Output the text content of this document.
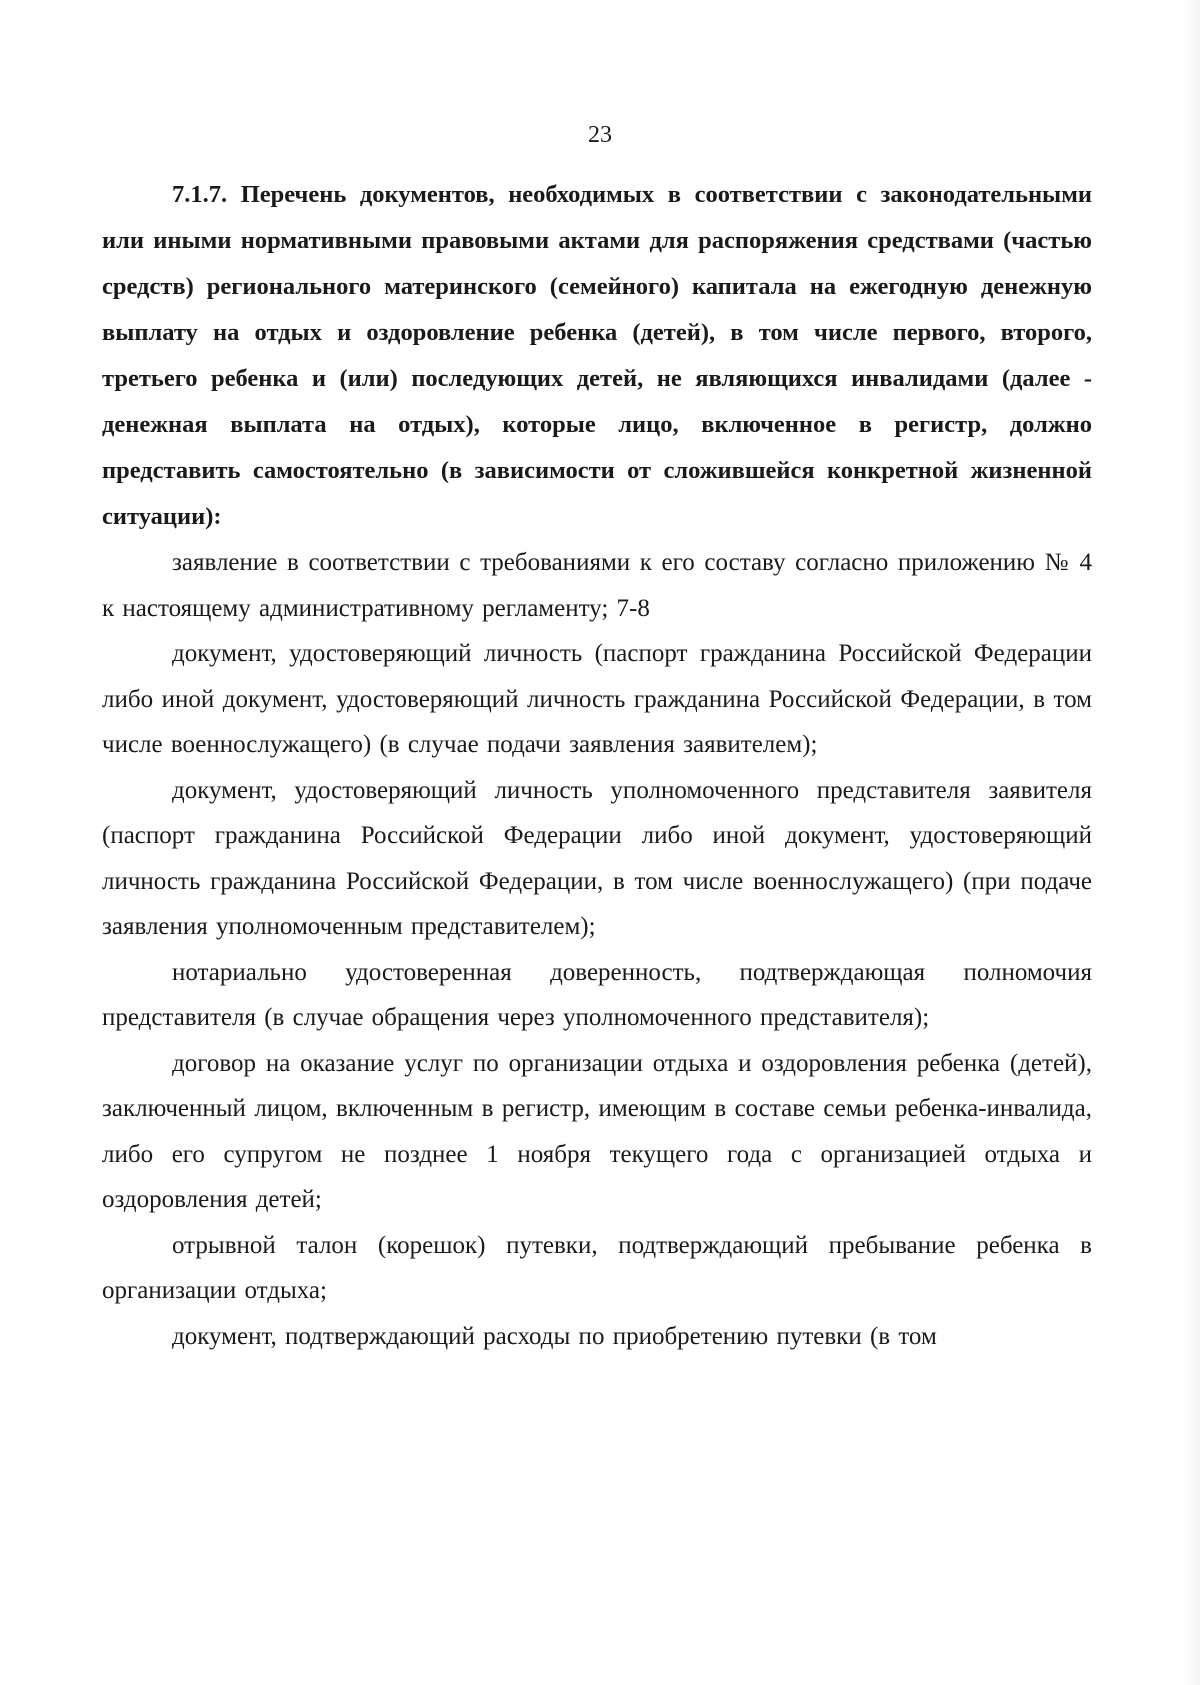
23

7.1.7. Перечень документов, необходимых в соответствии с законодательными или иными нормативными правовыми актами для распоряжения средствами (частью средств) регионального материнского (семейного) капитала на ежегодную денежную выплату на отдых и оздоровление ребенка (детей), в том числе первого, второго, третьего ребенка и (или) последующих детей, не являющихся инвалидами (далее - денежная выплата на отдых), которые лицо, включенное в регистр, должно представить самостоятельно (в зависимости от сложившейся конкретной жизненной ситуации):

заявление в соответствии с требованиями к его составу согласно приложению № 4 к настоящему административному регламенту; 7-8

документ, удостоверяющий личность (паспорт гражданина Российской Федерации либо иной документ, удостоверяющий личность гражданина Российской Федерации, в том числе военнослужащего) (в случае подачи заявления заявителем);

документ, удостоверяющий личность уполномоченного представителя заявителя (паспорт гражданина Российской Федерации либо иной документ, удостоверяющий личность гражданина Российской Федерации, в том числе военнослужащего) (при подаче заявления уполномоченным представителем);

нотариально удостоверенная доверенность, подтверждающая полномочия представителя (в случае обращения через уполномоченного представителя);

договор на оказание услуг по организации отдыха и оздоровления ребенка (детей), заключенный лицом, включенным в регистр, имеющим в составе семьи ребенка-инвалида, либо его супругом не позднее 1 ноября текущего года с организацией отдыха и оздоровления детей;

отрывной талон (корешок) путевки, подтверждающий пребывание ребенка в организации отдыха;

документ, подтверждающий расходы по приобретению путевки (в том
